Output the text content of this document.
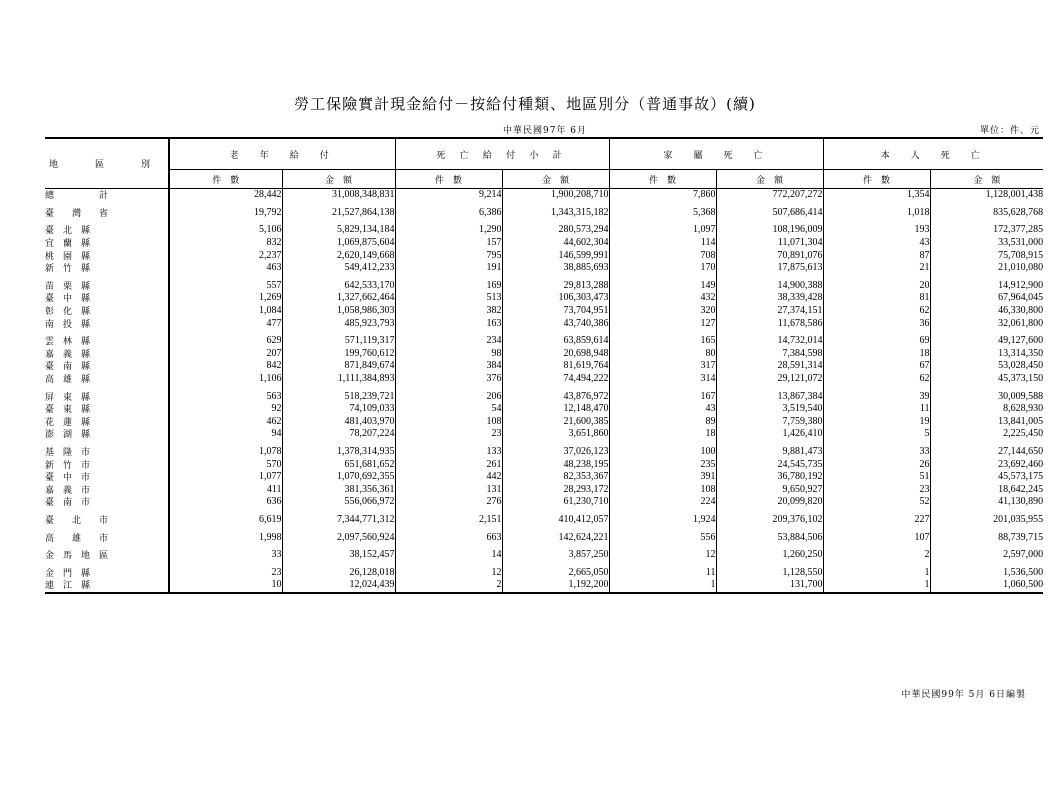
勞工保險實計現金給付－按給付種類、地區別分（普通事故）(續)
中華民國97年 6月	單位：件、元
地　區　別	老　年　給　付		死 亡 給 付 小 計		家　屬　死　亡		本　人　死　亡	
	件　數	金　額	件　數	金　額	件　數	金　額	件　數	金　額
總　　　　　計	28,442	31,008,348,831	9,214	1,900,208,710	7,860	772,207,272	1,354	1,128,001,438

臺　　灣　　省	19,792	21,527,864,138	6,386	1,343,315,182	5,368	507,686,414	1,018	835,628,768

臺　北　縣	5,106	5,829,134,184	1,290	280,573,294	1,097	108,196,009	193	172,377,285
宜　蘭　縣	832	1,069,875,604	157	44,602,304	114	11,071,304	43	33,531,000
桃　園　縣	2,237	2,620,149,668	795	146,599,991	708	70,891,076	87	75,708,915
新　竹　縣	463	549,412,233	191	38,885,693	170	17,875,613	21	21,010,080

苗　栗　縣	557	642,533,170	169	29,813,288	149	14,900,388	20	14,912,900
臺　中　縣	1,269	1,327,662,464	513	106,303,473	432	38,339,428	81	67,964,045
彰　化　縣	1,084	1,058,986,303	382	73,704,951	320	27,374,151	62	46,330,800
南　投　縣	477	485,923,793	163	43,740,386	127	11,678,586	36	32,061,800

雲　林　縣	629	571,119,317	234	63,859,614	165	14,732,014	69	49,127,600
嘉　義　縣	207	199,760,612	98	20,698,948	80	7,384,598	18	13,314,350
臺　南　縣	842	871,849,674	384	81,619,764	317	28,591,314	67	53,028,450
高　雄　縣	1,106	1,111,384,893	376	74,494,222	314	29,121,072	62	45,373,150

屏　東　縣	563	518,239,721	206	43,876,972	167	13,867,384	39	30,009,588
臺　東　縣	92	74,109,033	54	12,148,470	43	3,519,540	11	8,628,930
花　蓮　縣	462	481,403,970	108	21,600,385	89	7,759,380	19	13,841,005
澎　湖　縣	94	78,207,224	23	3,651,860	18	1,426,410	5	2,225,450

基　隆　市	1,078	1,378,314,935	133	37,026,123	100	9,881,473	33	27,144,650
新　竹　市	570	651,681,652	261	48,238,195	235	24,545,735	26	23,692,460
臺　中　市	1,077	1,070,692,355	442	82,353,367	391	36,780,192	51	45,573,175
嘉　義　市	411	381,356,361	131	28,293,172	108	9,650,927	23	18,642,245
臺　南　市	636	556,066,972	276	61,230,710	224	20,099,820	52	41,130,890

臺　　北　　市	6,619	7,344,771,312	2,151	410,412,057	1,924	209,376,102	227	201,035,955

高　　雄　　市	1,998	2,097,560,924	663	142,624,221	556	53,884,506	107	88,739,715

金　馬　地　區	33	38,152,457	14	3,857,250	12	1,260,250	2	2,597,000

金　門　縣	23	26,128,018	12	2,665,050	11	1,128,550	1	1,536,500
連　江　縣	10	12,024,439	2	1,192,200	1	131,700	1	1,060,500
中華民國99年 5月 6日編製
